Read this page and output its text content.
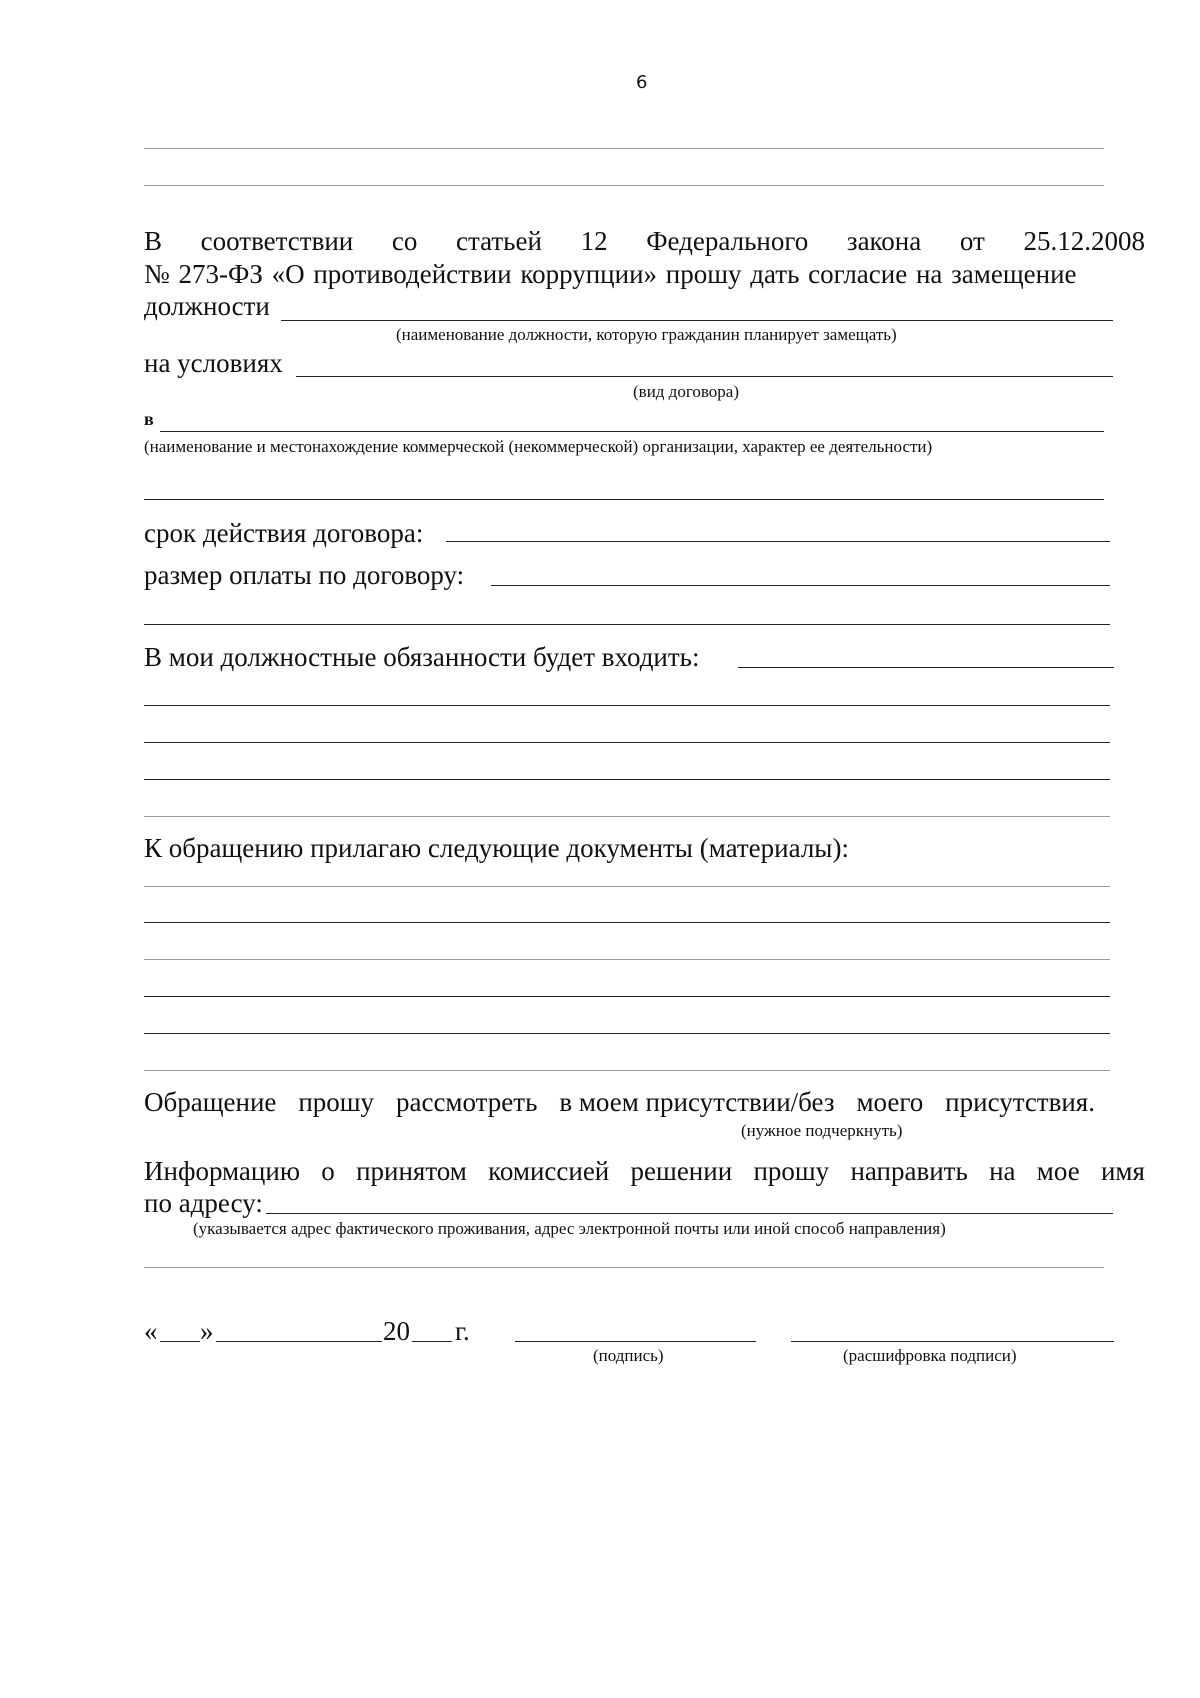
6
В соответствии со статьей 12 Федерального закона от 25.12.2008
№ 273-ФЗ «О противодействии коррупции» прошу дать согласие на замещение
должности
(наименование должности, которую гражданин планирует замещать)
на условиях
(вид договора)
в
(наименование и местонахождение коммерческой (некоммерческой) организации, характер ее деятельности)
срок действия договора:
размер оплаты по договору:
В мои должностные обязанности будет входить:
К обращению прилагаю следующие документы (материалы):
Обращение прошу рассмотреть в моем присутствии/без моего присутствия.
(нужное подчеркнуть)
Информацию о принятом комиссией решении прошу направить на мое имя
по адресу:
(указывается адрес фактического проживания, адрес электронной почты или иной способ направления)
« »	20 г.
(подпись)	(расшифровка подписи)
